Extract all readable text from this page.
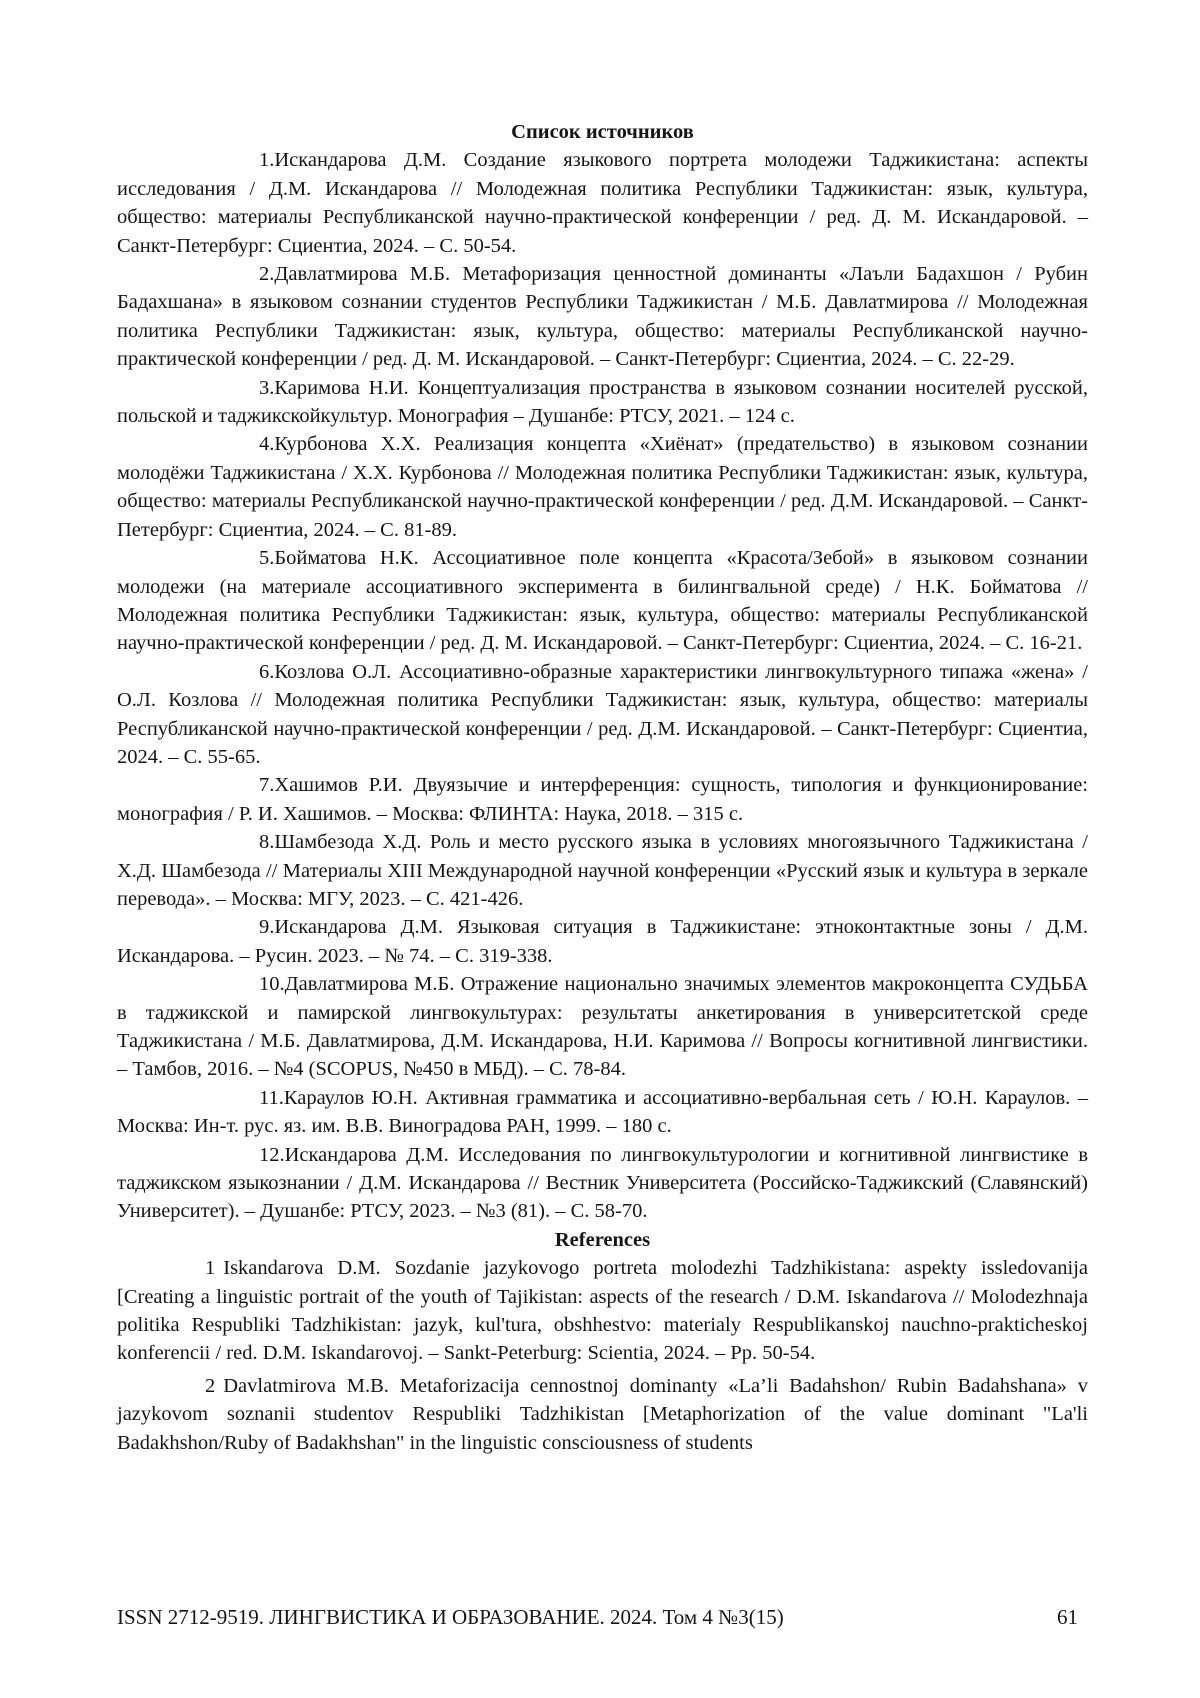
Список источников

1.Искандарова Д.М. Создание языкового портрета молодежи Таджикистана: аспекты исследования / Д.М. Искандарова // Молодежная политика Республики Таджикистан: язык, культура, общество: материалы Республиканской научно-практической конференции / ред. Д. М. Искандаровой. – Санкт-Петербург: Сциентиа, 2024. – С. 50-54.

2.Давлатмирова М.Б. Метафоризация ценностной доминанты «Лаъли Бадахшон / Рубин Бадахшана» в языковом сознании студентов Республики Таджикистан / М.Б. Давлатмирова // Молодежная политика Республики Таджикистан: язык, культура, общество: материалы Республиканской научно-практической конференции / ред. Д. М. Искандаровой. – Санкт-Петербург: Сциентиа, 2024. – С. 22-29.

3.Каримова Н.И. Концептуализация пространства в языковом сознании носителей русской, польской и таджикскойкультур. Монография – Душанбе: РТСУ, 2021. – 124 с.

4.Курбонова Х.Х. Реализация концепта «Хиёнат» (предательство) в языковом сознании молодёжи Таджикистана / Х.Х. Курбонова // Молодежная политика Республики Таджикистан: язык, культура, общество: материалы Республиканской научно-практической конференции / ред. Д.М. Искандаровой. – Санкт-Петербург: Сциентиа, 2024. – С. 81-89.

5.Бойматова Н.К. Ассоциативное поле концепта «Красота/Зебой» в языковом сознании молодежи (на материале ассоциативного эксперимента в билингвальной среде) / Н.К. Бойматова // Молодежная политика Республики Таджикистан: язык, культура, общество: материалы Республиканской научно-практической конференции / ред. Д. М. Искандаровой. – Санкт-Петербург: Сциентиа, 2024. – С. 16-21.

6.Козлова О.Л. Ассоциативно-образные характеристики лингвокультурного типажа «жена» / О.Л. Козлова // Молодежная политика Республики Таджикистан: язык, культура, общество: материалы Республиканской научно-практической конференции / ред. Д.М. Искандаровой. – Санкт-Петербург: Сциентиа, 2024. – С. 55-65.

7.Хашимов Р.И. Двуязычие и интерференция: сущность, типология и функционирование: монография / Р. И. Хашимов. – Москва: ФЛИНТА: Наука, 2018. – 315 с.

8.Шамбезода Х.Д. Роль и место русского языка в условиях многоязычного Таджикистана / Х.Д. Шамбезода // Материалы XIII Международной научной конференции «Русский язык и культура в зеркале перевода». – Москва: МГУ, 2023. – С. 421-426.

9.Искандарова Д.М. Языковая ситуация в Таджикистане: этноконтактные зоны / Д.М. Искандарова. – Русин. 2023. – № 74. – С. 319-338.

10.Давлатмирова М.Б. Отражение национально значимых элементов макроконцепта СУДЬБА в таджикской и памирской лингвокультурах: результаты анкетирования в университетской среде Таджикистана / М.Б. Давлатмирова, Д.М. Искандарова, Н.И. Каримова // Вопросы когнитивной лингвистики. – Тамбов, 2016. – №4 (SCOPUS, №450 в МБД). – С. 78-84.

11.Караулов Ю.Н. Активная грамматика и ассоциативно-вербальная сеть / Ю.Н. Караулов. – Москва: Ин-т. рус. яз. им. В.В. Виноградова РАН, 1999. – 180 с.

12.Искандарова Д.М. Исследования по лингвокультурологии и когнитивной лингвистике в таджикском языкознании / Д.М. Искандарова // Вестник Университета (Российско-Таджикский (Славянский) Университет). – Душанбе: РТСУ, 2023. – №3 (81). – С. 58-70.

References

1 Iskandarova D.M. Sozdanie jazykovogo portreta molodezhi Tadzhikistana: aspekty issledovanija [Creating a linguistic portrait of the youth of Tajikistan: aspects of the research / D.M. Iskandarova // Molodezhnaja politika Respubliki Tadzhikistan: jazyk, kul'tura, obshhestvo: materialy Respublikanskoj nauchno-prakticheskoj konferencii / red. D.M. Iskandarovoj. – Sankt-Peterburg: Scientia, 2024. – Pp. 50-54.

2 Davlatmirova M.B. Metaforizacija cennostnoj dominanty «La’li Badahshon/ Rubin Badahshana» v jazykovom soznanii studentov Respubliki Tadzhikistan [Metaphorization of the value dominant "La'li Badakhshon/Ruby of Badakhshan" in the linguistic consciousness of students

ISSN 2712-9519. ЛИНГВИСТИКА И ОБРАЗОВАНИЕ. 2024. Том 4 №3(15)	61
